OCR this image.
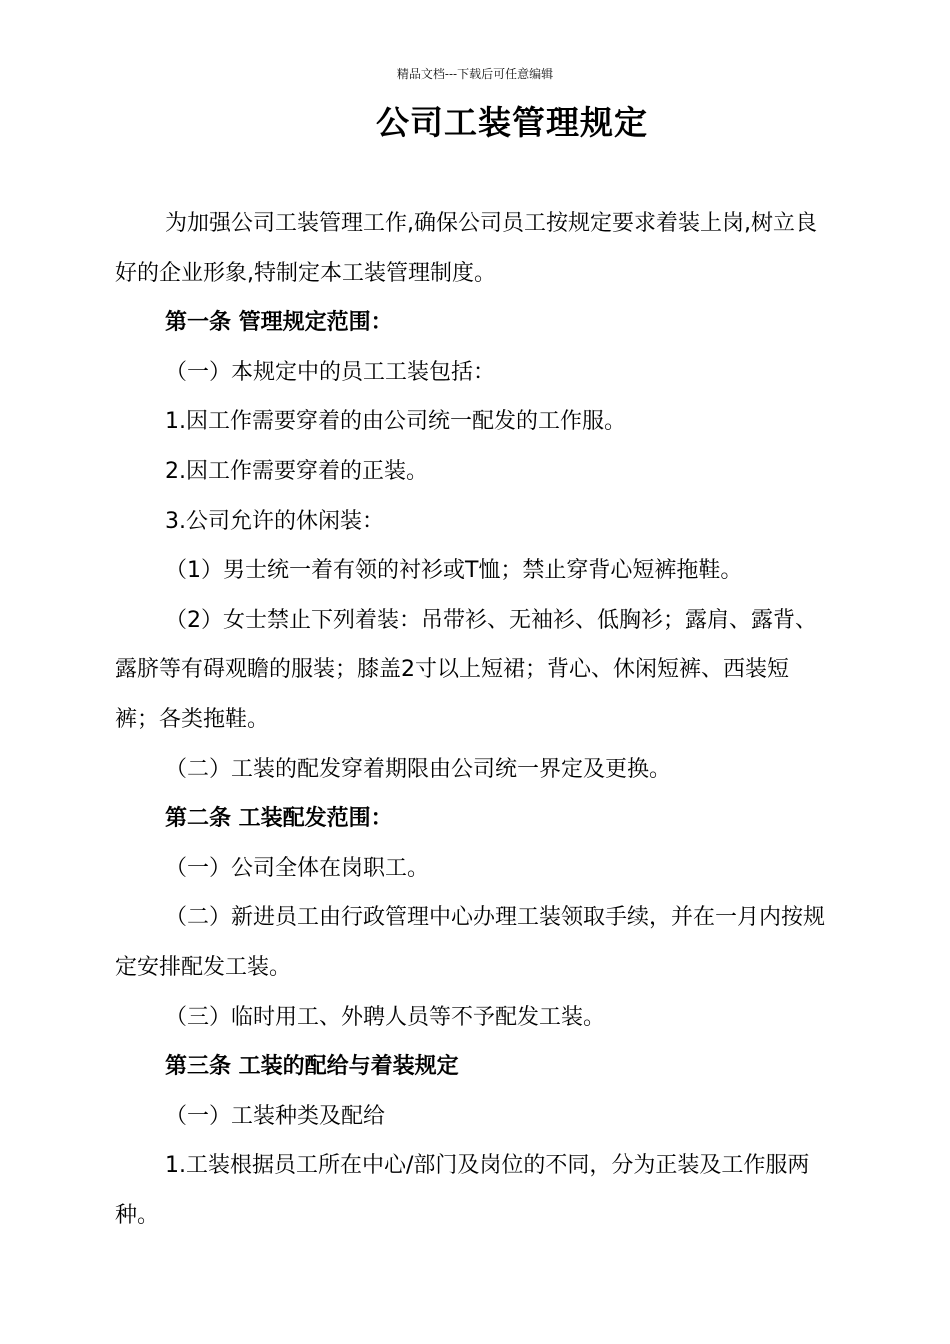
精品文档---下载后可任意编辑
公司工装管理规定

为加强公司工装管理工作,确保公司员工按规定要求着装上岗,树立良好的企业形象,特制定本工装管理制度。

第一条 管理规定范围：

（一）本规定中的员工工装包括：

1.因工作需要穿着的由公司统一配发的工作服。

2.因工作需要穿着的正装。

3.公司允许的休闲装：

（1）男士统一着有领的衬衫或T恤；禁止穿背心短裤拖鞋。

（2）女士禁止下列着装：吊带衫、无袖衫、低胸衫；露肩、露背、露脐等有碍观瞻的服装；膝盖2寸以上短裙；背心、休闲短裤、西装短裤；各类拖鞋。

（二）工装的配发穿着期限由公司统一界定及更换。

第二条 工装配发范围：

（一）公司全体在岗职工。

（二）新进员工由行政管理中心办理工装领取手续，并在一月内按规定安排配发工装。

（三）临时用工、外聘人员等不予配发工装。

第三条 工装的配给与着装规定

（一）工装种类及配给

1.工装根据员工所在中心/部门及岗位的不同，分为正装及工作服两种。
